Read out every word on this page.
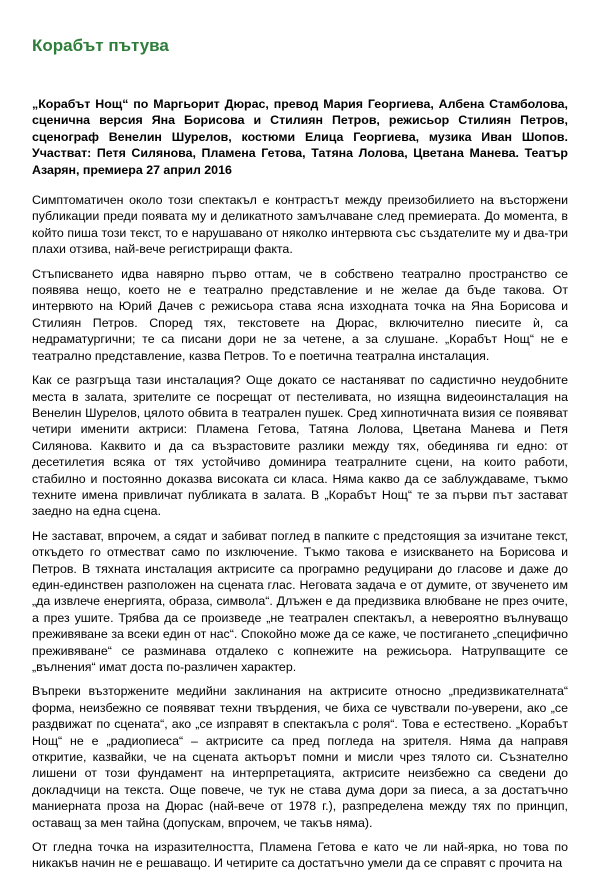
Корабът пътува

„Корабът Нощ“ по Маргьорит Дюрас, превод Мария Георгиева, Албена Стамболова, сценична версия Яна Борисова и Стилиян Петров, режисьор Стилиян Петров, сценограф Венелин Шурелов, костюми Елица Георгиева, музика Иван Шопов. Участват: Петя Силянова, Пламена Гетова, Татяна Лолова, Цветана Манева. Театър Азарян, премиера 27 април 2016

Симптоматичен около този спектакъл е контрастът между преизобилието на въсторжени публикации преди появата му и деликатното замълчаване след премиерата. До момента, в който пиша този текст, то е нарушавано от няколко интервюта със създателите му и два-три плахи отзива, най-вече регистриращи факта.

Стъписването идва навярно първо оттам, че в собствено театрално пространство се появява нещо, което не е театрално представление и не желае да бъде такова. От интервюто на Юрий Дачев с режисьора става ясна изходната точка на Яна Борисова и Стилиян Петров. Според тях, текстовете на Дюрас, включително пиесите ѝ, са недраматургични; те са писани дори не за четене, а за слушане. „Корабът Нощ“ не е театрално представление, казва Петров. То е поетична театрална инсталация.

Как се разгръща тази инсталация? Още докато се настаняват по садистично неудобните места в залата, зрителите се посрещат от пестеливата, но изящна видеоинсталация на Венелин Шурелов, цялото обвита в театрален пушек. Сред хипнотичната визия се появяват четири именити актриси: Пламена Гетова, Татяна Лолова, Цветана Манева и Петя Силянова. Каквито и да са възрастовите разлики между тях, обединява ги едно: от десетилетия всяка от тях устойчиво доминира театралните сцени, на които работи, стабилно и постоянно доказва високата си класа. Няма какво да се заблуждаваме, тъкмо техните имена привличат публиката в залата. В „Корабът Нощ“ те за първи път застават заедно на една сцена.

Не застават, впрочем, а сядат и забиват поглед в папките с предстоящия за изчитане текст, откъдето го отместват само по изключение. Тъкмо такова е изискването на Борисова и Петров. В тяхната инсталация актрисите са програмно редуцирани до гласове и даже до един-единствен разположен на сцената глас. Неговата задача е от думите, от звученето им „да извлече енергията, образа, символа“. Длъжен е да предизвика влюбване не през очите, а през ушите. Трябва да се произведе „не театрален спектакъл, а невероятно вълнуващо преживяване за всеки един от нас“. Спокойно може да се каже, че постигането „специфично преживяване“ се разминава отдалеко с копнежите на режисьора. Натрупващите се „вълнения“ имат доста по-различен характер.

Въпреки възторжените медийни заклинания на актрисите относно „предизвикателната“ форма, неизбежно се появяват техни твърдения, че биха се чувствали по-уверени, ако „се раздвижат по сцената“, ако „се изправят в спектакъла с роля“. Това е естествено. „Корабът Нощ“ не е „радиопиеса“ – актрисите са пред погледа на зрителя. Няма да направя откритие, казвайки, че на сцената актьорът помни и мисли чрез тялото си. Съзнателно лишени от този фундамент на интерпретацията, актрисите неизбежно са сведени до докладчици на текста. Още повече, че тук не става дума дори за пиеса, а за достатъчно маниерната проза на Дюрас (най-вече от 1978 г.), разпределена между тях по принцип, оставащ за мен тайна (допускам, впрочем, че такъв няма).

От гледна точка на изразителността, Пламена Гетова е като че ли най-ярка, но това по никакъв начин не е решаващо. И четирите са достатъчно умели да се справят с прочита на
